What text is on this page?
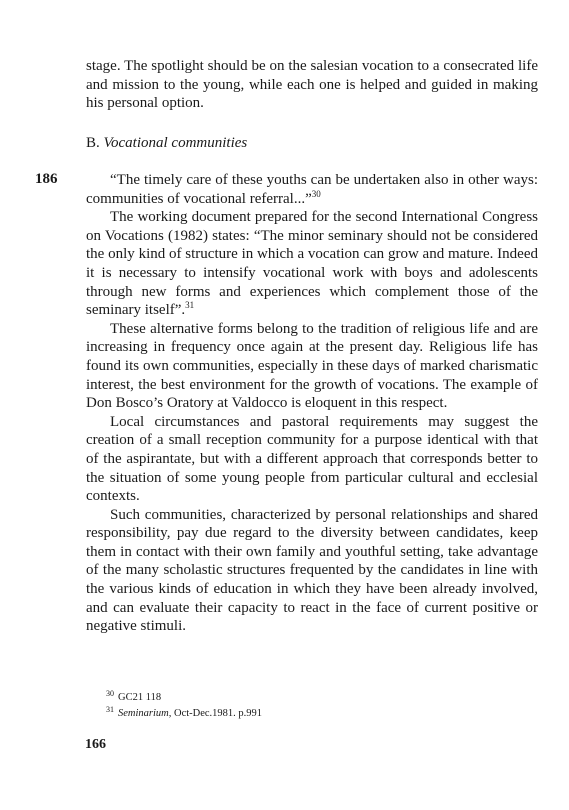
stage. The spotlight should be on the salesian vocation to a consecrated life and mission to the young, while each one is helped and guided in making his personal option.

B. Vocational communities
186	“The timely care of these youths can be undertaken also in other ways: communities of vocational referral...”$^{30}$

The working document prepared for the second International Congress on Vocations (1982) states: “The minor seminary should not be considered the only kind of structure in which a vocation can grow and mature. Indeed it is necessary to intensify vocational work with boys and adolescents through new forms and experiences which complement those of the seminary itself”.$^{31}$

These alternative forms belong to the tradition of religious life and are increasing in frequency once again at the present day. Religious life has found its own communities, especially in these days of marked charismatic interest, the best environment for the growth of vocations. The example of Don Bosco’s Oratory at Valdocco is eloquent in this respect.

Local circumstances and pastoral requirements may suggest the creation of a small reception community for a purpose identical with that of the aspirantate, but with a different approach that corresponds better to the situation of some young people from particular cultural and ecclesial contexts.

Such communities, characterized by personal relationships and shared responsibility, pay due regard to the diversity between candidates, keep them in contact with their own family and youthful setting, take advantage of the many scholastic structures frequented by the candidates in line with the various kinds of education in which they have been already involved, and can evaluate their capacity to react in the face of current positive or negative stimuli.

$^{30}$ GC21 118
$^{31}$ Seminarium, Oct-Dec.1981. p.991
166
